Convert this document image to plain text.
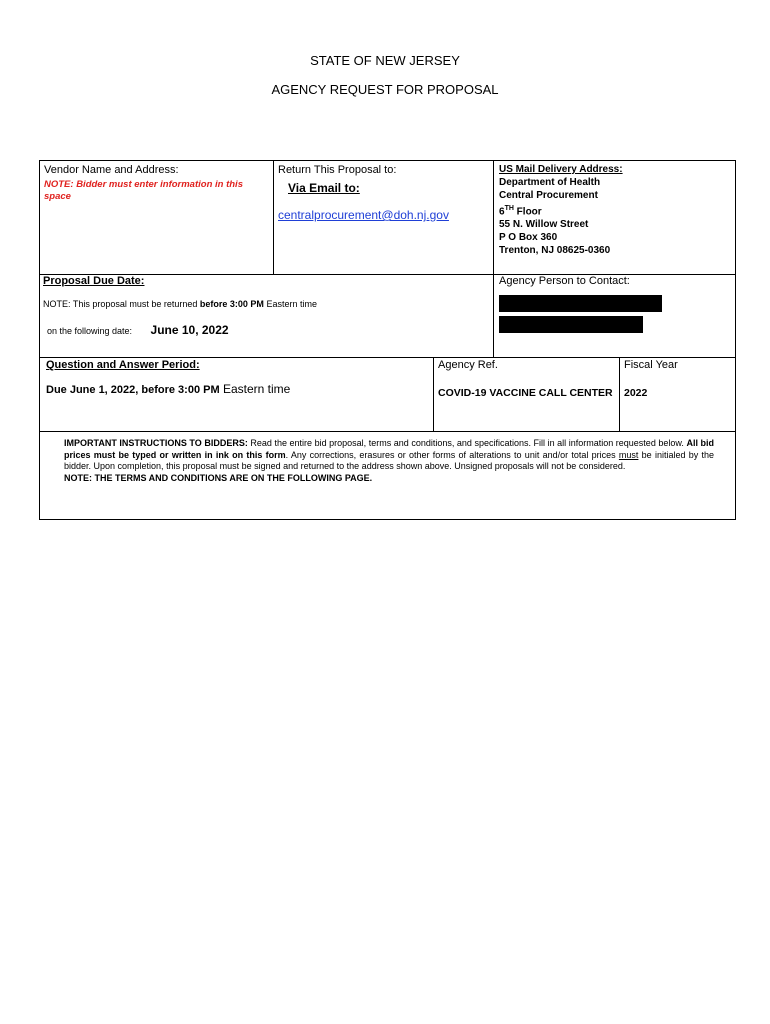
STATE OF NEW JERSEY
AGENCY REQUEST FOR PROPOSAL
Vendor Name and Address:
NOTE: Bidder must enter information in this space
Return This Proposal to:
Via Email to:
centralprocurement@doh.nj.gov
US Mail Delivery Address:
Department of Health
Central Procurement
6TH Floor
55 N. Willow Street
P O Box 360
Trenton, NJ 08625-0360
Proposal Due Date:
NOTE: This proposal must be returned before 3:00 PM Eastern time
on the following date: June 10, 2022
Agency Person to Contact:
Question and Answer Period:
Due June 1, 2022, before 3:00 PM Eastern time
Agency Ref.
COVID-19 VACCINE CALL CENTER
Fiscal Year
2022
IMPORTANT INSTRUCTIONS TO BIDDERS: Read the entire bid proposal, terms and conditions, and specifications. Fill in all information requested below. All bid prices must be typed or written in ink on this form. Any corrections, erasures or other forms of alterations to unit and/or total prices must be initialed by the bidder. Upon completion, this proposal must be signed and returned to the address shown above. Unsigned proposals will not be considered.
NOTE: THE TERMS AND CONDITIONS ARE ON THE FOLLOWING PAGE.
